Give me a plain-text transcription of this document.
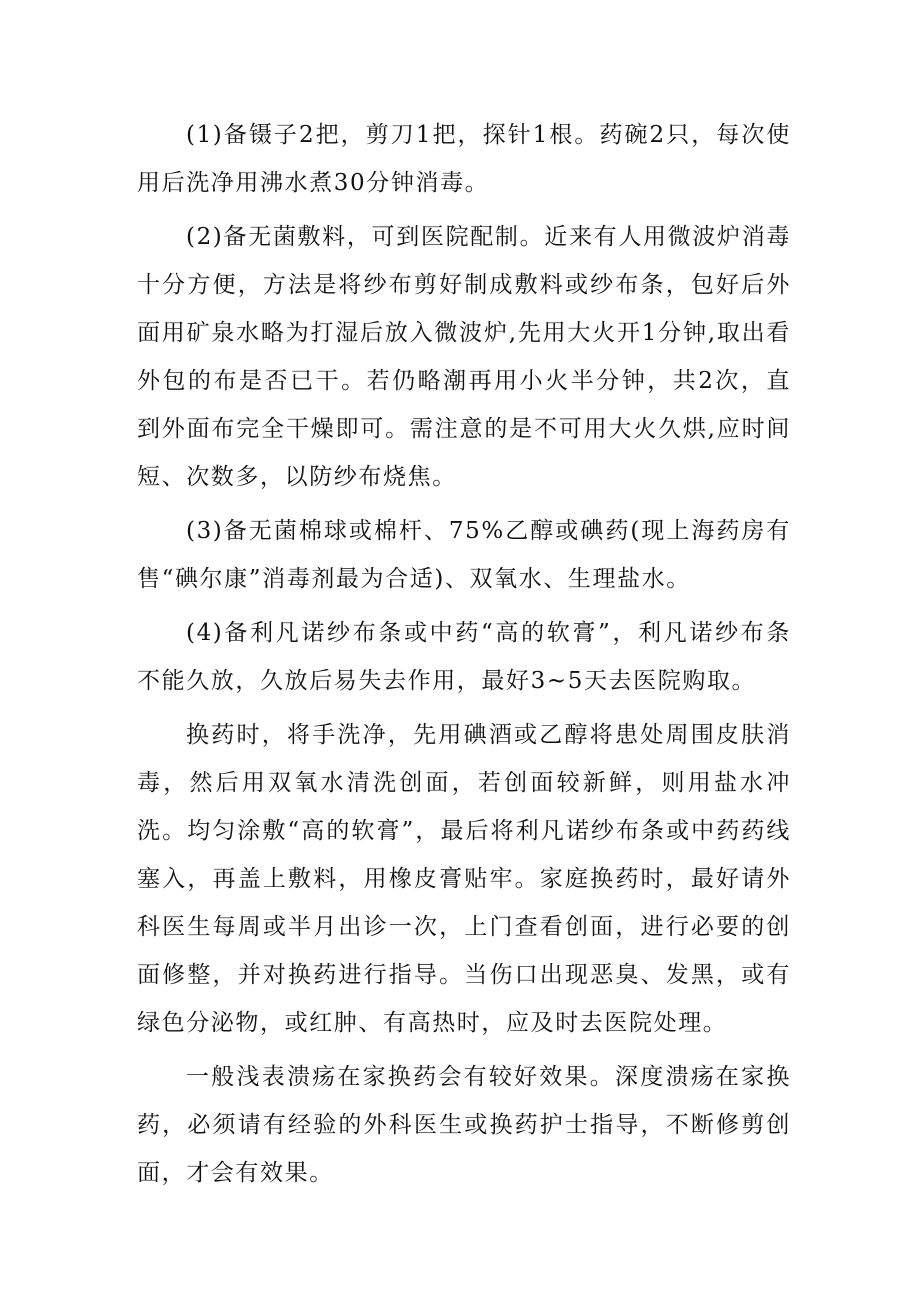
(1)备镊子2把，剪刀1把，探针1根。药碗2只，每次使用后洗净用沸水煮30分钟消毒。

(2)备无菌敷料，可到医院配制。近来有人用微波炉消毒十分方便，方法是将纱布剪好制成敷料或纱布条，包好后外面用矿泉水略为打湿后放入微波炉,先用大火开1分钟,取出看外包的布是否已干。若仍略潮再用小火半分钟，共2次，直到外面布完全干燥即可。需注意的是不可用大火久烘,应时间短、次数多，以防纱布烧焦。

(3)备无菌棉球或棉杆、75%乙醇或碘药(现上海药房有售“碘尔康”消毒剂最为合适)、双氧水、生理盐水。

(4)备利凡诺纱布条或中药“高的软膏”，利凡诺纱布条不能久放，久放后易失去作用，最好3~5天去医院购取。

换药时，将手洗净，先用碘酒或乙醇将患处周围皮肤消毒，然后用双氧水清洗创面，若创面较新鲜，则用盐水冲洗。均匀涂敷“高的软膏”，最后将利凡诺纱布条或中药药线塞入，再盖上敷料，用橡皮膏贴牢。家庭换药时，最好请外科医生每周或半月出诊一次，上门查看创面，进行必要的创面修整，并对换药进行指导。当伤口出现恶臭、发黑，或有绿色分泌物，或红肿、有高热时，应及时去医院处理。

一般浅表溃疡在家换药会有较好效果。深度溃疡在家换药，必须请有经验的外科医生或换药护士指导，不断修剪创面，才会有效果。
